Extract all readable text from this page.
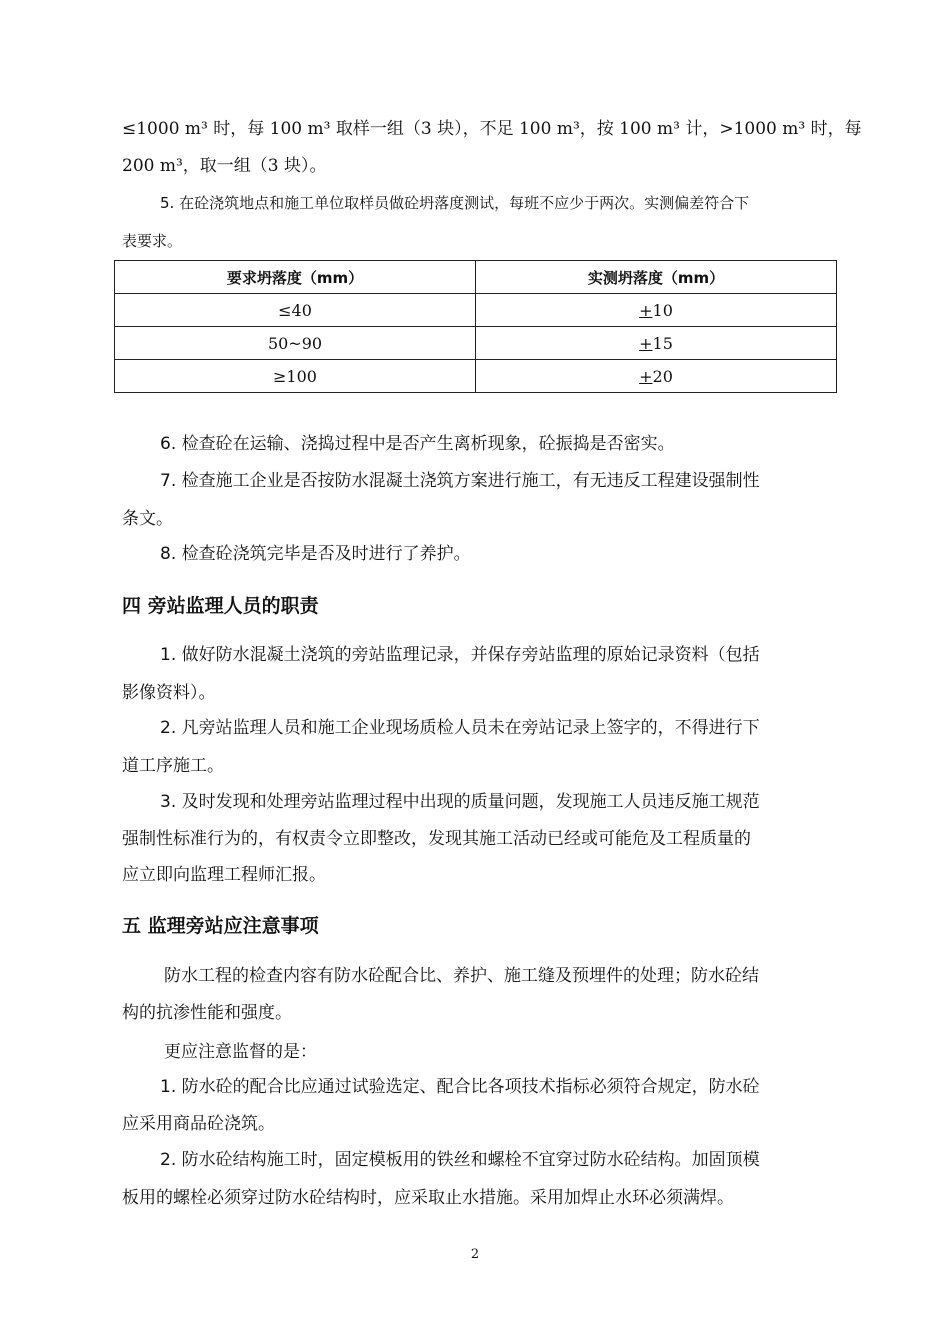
≤1000 m³ 时，每 100 m³ 取样一组（3 块），不足 100 m³，按 100 m³ 计，>1000 m³ 时，每
200 m³，取一组（3 块）。
5. 在砼浇筑地点和施工单位取样员做砼坍落度测试，每班不应少于两次。实测偏差符合下
表要求。
要求坍落度（mm）	实测坍落度（mm）
≤40	+10
50~90	+15
≥100	+20
6. 检查砼在运输、浇捣过程中是否产生离析现象，砼振捣是否密实。
7. 检查施工企业是否按防水混凝土浇筑方案进行施工，有无违反工程建设强制性
条文。
8. 检查砼浇筑完毕是否及时进行了养护。
四 旁站监理人员的职责
1. 做好防水混凝土浇筑的旁站监理记录，并保存旁站监理的原始记录资料（包括
影像资料）。
2. 凡旁站监理人员和施工企业现场质检人员未在旁站记录上签字的，不得进行下
道工序施工。
3. 及时发现和处理旁站监理过程中出现的质量问题，发现施工人员违反施工规范
强制性标准行为的，有权责令立即整改，发现其施工活动已经或可能危及工程质量的
应立即向监理工程师汇报。
五 监理旁站应注意事项
防水工程的检查内容有防水砼配合比、养护、施工缝及预埋件的处理；防水砼结
构的抗渗性能和强度。
更应注意监督的是：
1. 防水砼的配合比应通过试验选定、配合比各项技术指标必须符合规定，防水砼
应采用商品砼浇筑。
2. 防水砼结构施工时，固定模板用的铁丝和螺栓不宜穿过防水砼结构。加固顶模
板用的螺栓必须穿过防水砼结构时，应采取止水措施。采用加焊止水环必须满焊。
2
